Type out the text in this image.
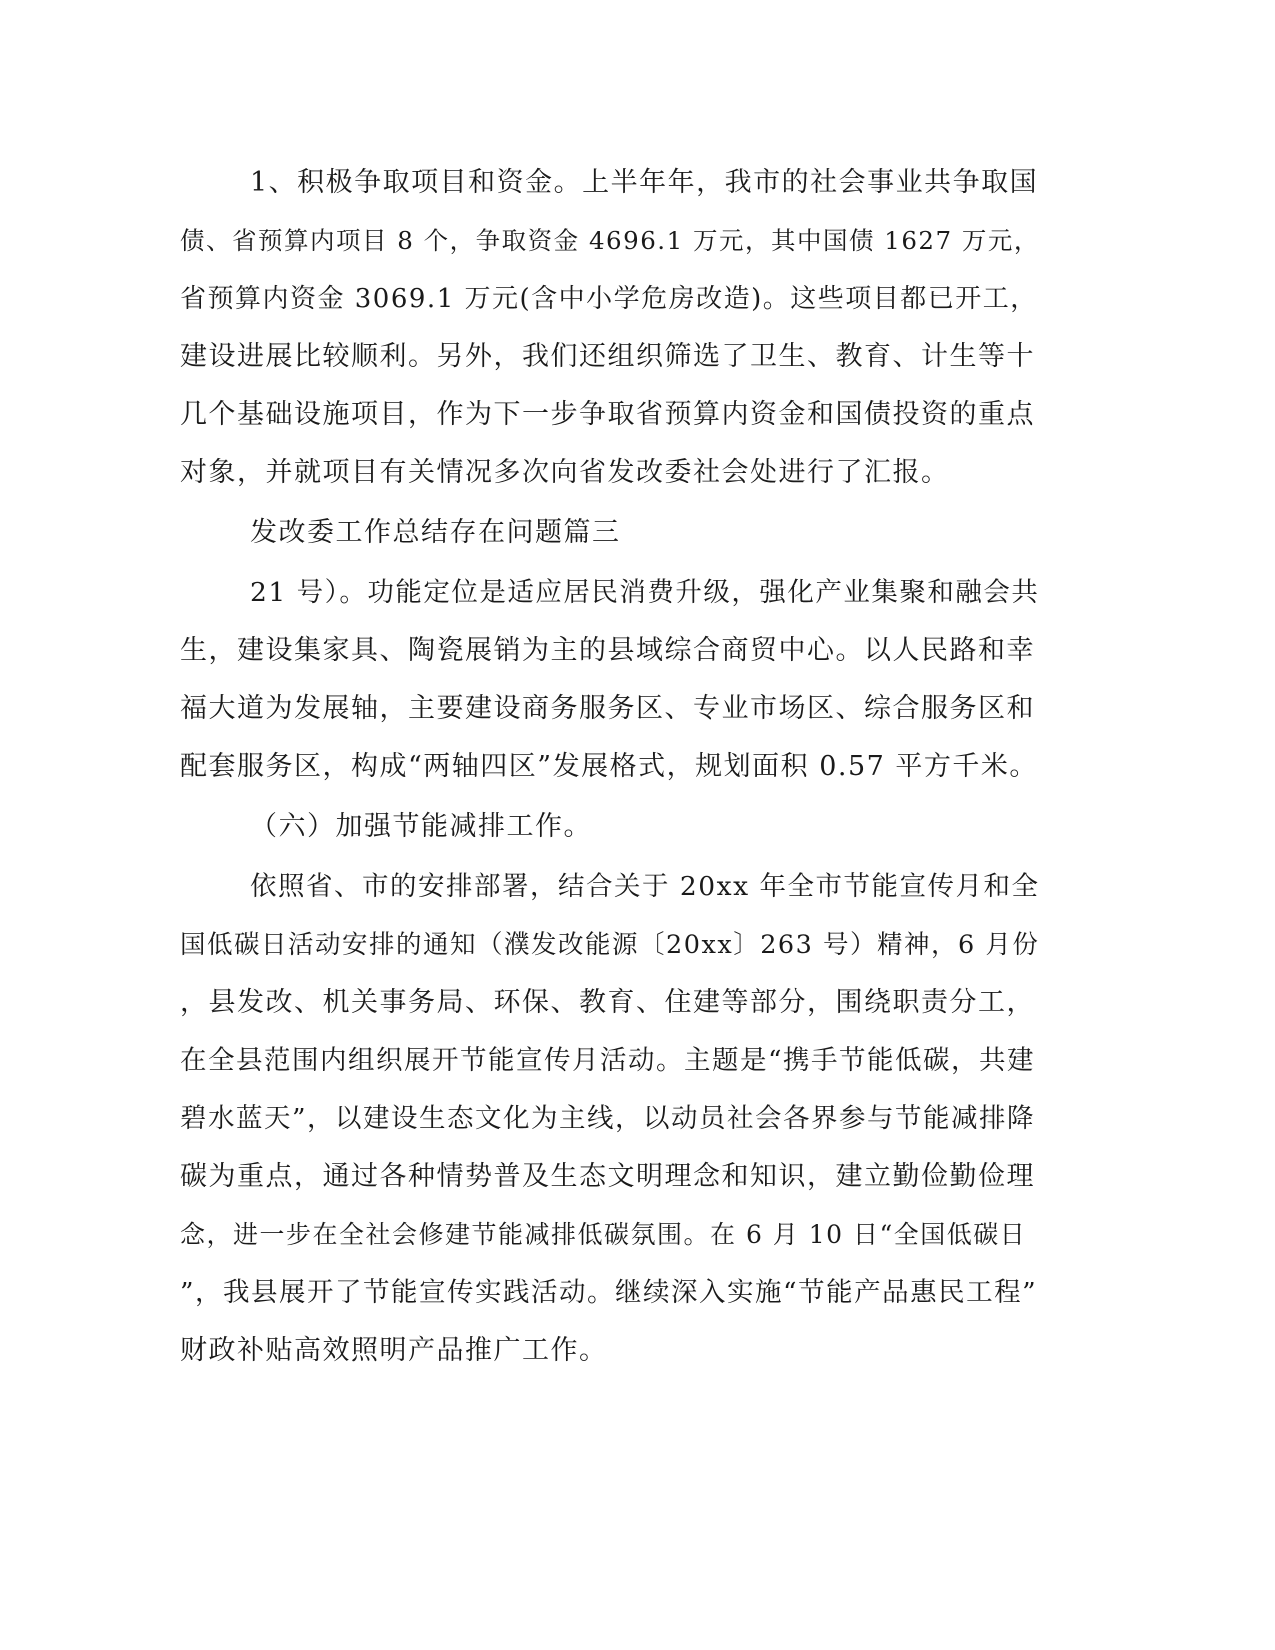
1、积极争取项目和资金。上半年年，我市的社会事业共争取国
债、省预算内项目 8 个，争取资金 4696.1 万元，其中国债 1627 万元，
省预算内资金 3069.1 万元(含中小学危房改造)。这些项目都已开工，
建设进展比较顺利。另外，我们还组织筛选了卫生、教育、计生等十
几个基础设施项目，作为下一步争取省预算内资金和国债投资的重点
对象，并就项目有关情况多次向省发改委社会处进行了汇报。
发改委工作总结存在问题篇三
21 号）。功能定位是适应居民消费升级，强化产业集聚和融会共
生，建设集家具、陶瓷展销为主的县域综合商贸中心。以人民路和幸
福大道为发展轴，主要建设商务服务区、专业市场区、综合服务区和
配套服务区，构成“两轴四区”发展格式，规划面积 0.57 平方千米。
（六）加强节能减排工作。
依照省、市的安排部署，结合关于 20xx 年全市节能宣传月和全
国低碳日活动安排的通知（濮发改能源〔20xx〕263 号）精神，6 月份
，县发改、机关事务局、环保、教育、住建等部分，围绕职责分工，
在全县范围内组织展开节能宣传月活动。主题是“携手节能低碳，共建
碧水蓝天”，以建设生态文化为主线，以动员社会各界参与节能减排降
碳为重点，通过各种情势普及生态文明理念和知识，建立勤俭勤俭理
念，进一步在全社会修建节能减排低碳氛围。在 6 月 10 日“全国低碳日
”，我县展开了节能宣传实践活动。继续深入实施“节能产品惠民工程”
财政补贴高效照明产品推广工作。
